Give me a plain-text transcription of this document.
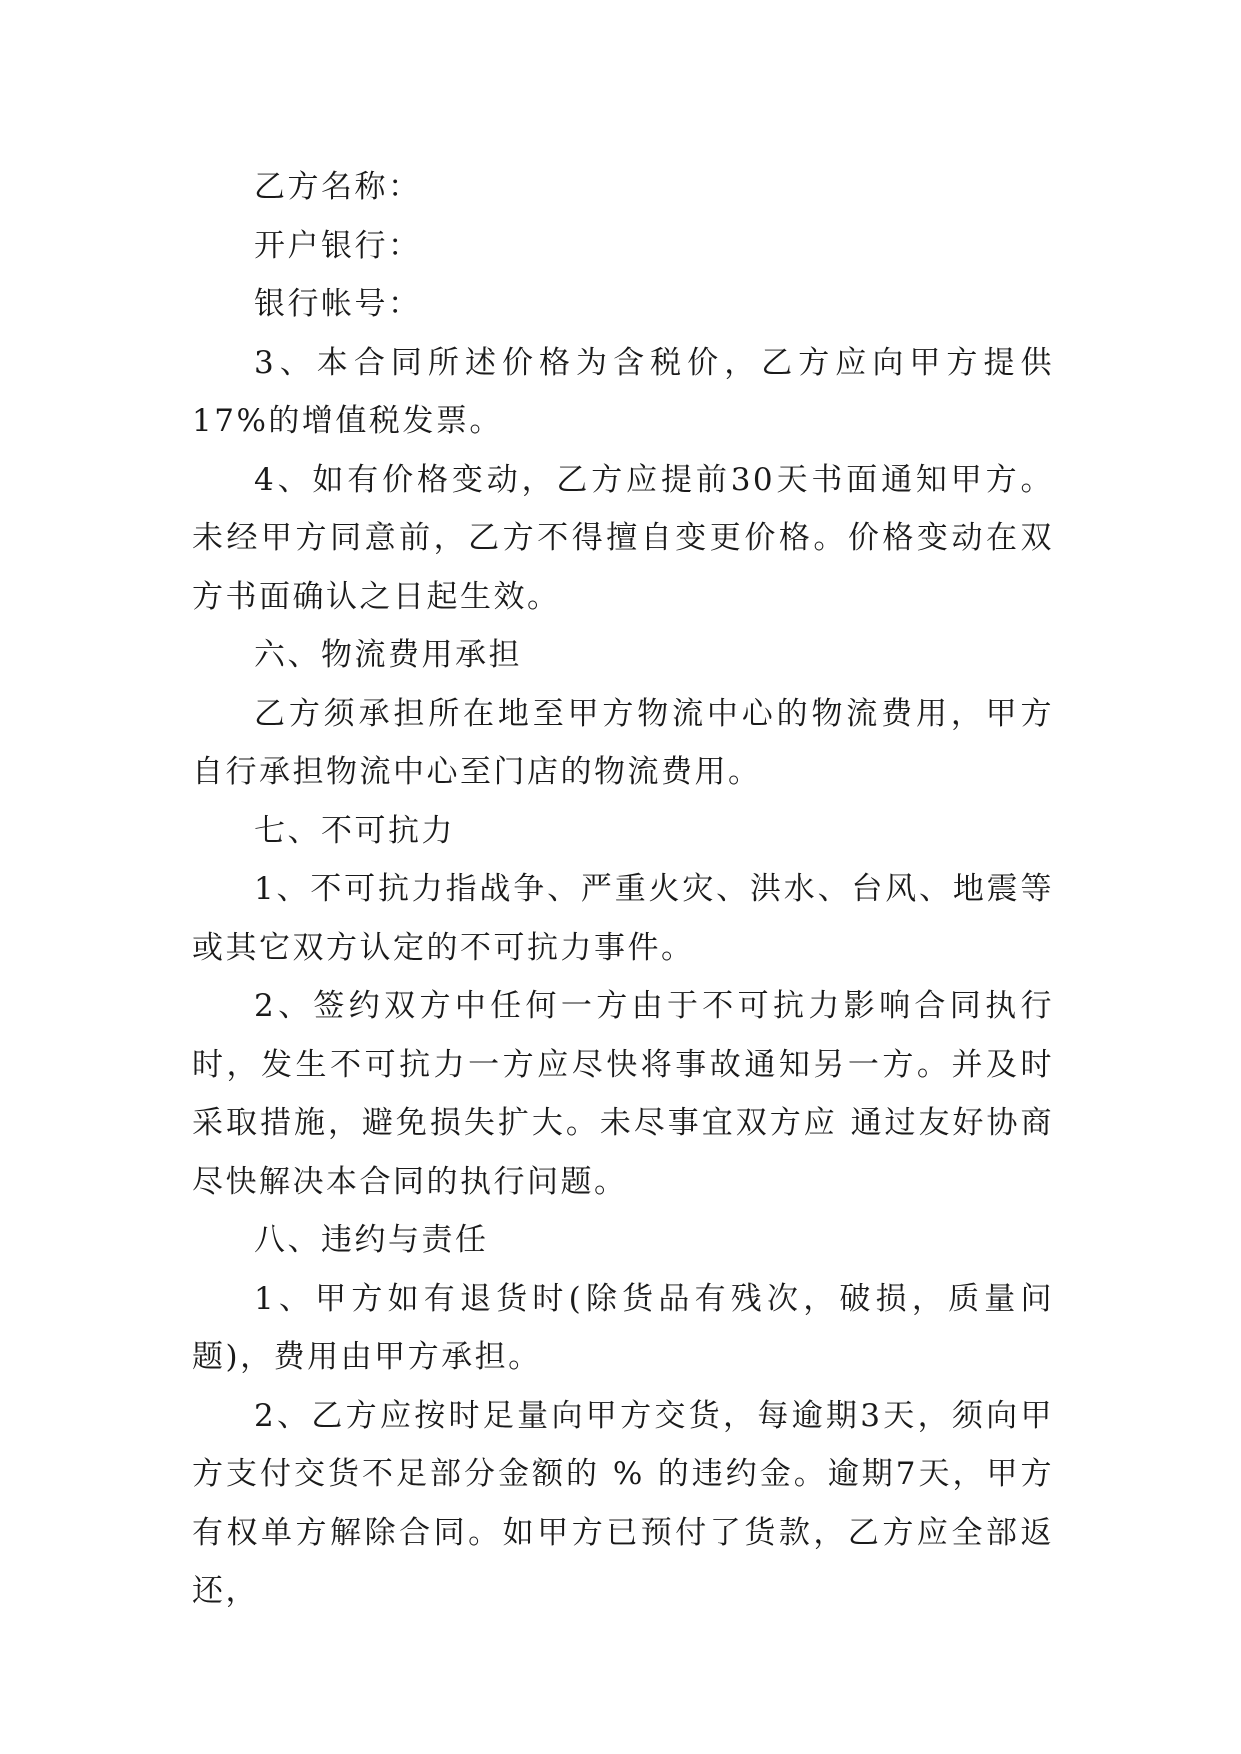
乙方名称：

开户银行：

银行帐号：

3、本合同所述价格为含税价，乙方应向甲方提供17%的增值税发票。

4、如有价格变动，乙方应提前30天书面通知甲方。未经甲方同意前，乙方不得擅自变更价格。价格变动在双方书面确认之日起生效。

六、物流费用承担

乙方须承担所在地至甲方物流中心的物流费用，甲方自行承担物流中心至门店的物流费用。

七、不可抗力

1、不可抗力指战争、严重火灾、洪水、台风、地震等或其它双方认定的不可抗力事件。

2、签约双方中任何一方由于不可抗力影响合同执行时，发生不可抗力一方应尽快将事故通知另一方。并及时采取措施，避免损失扩大。未尽事宜双方应 通过友好协商尽快解决本合同的执行问题。

八、违约与责任

1、甲方如有退货时(除货品有残次，破损，质量问题)，费用由甲方承担。

2、乙方应按时足量向甲方交货，每逾期3天，须向甲方支付交货不足部分金额的 % 的违约金。逾期7天，甲方有权单方解除合同。如甲方已预付了货款，乙方应全部返还，
